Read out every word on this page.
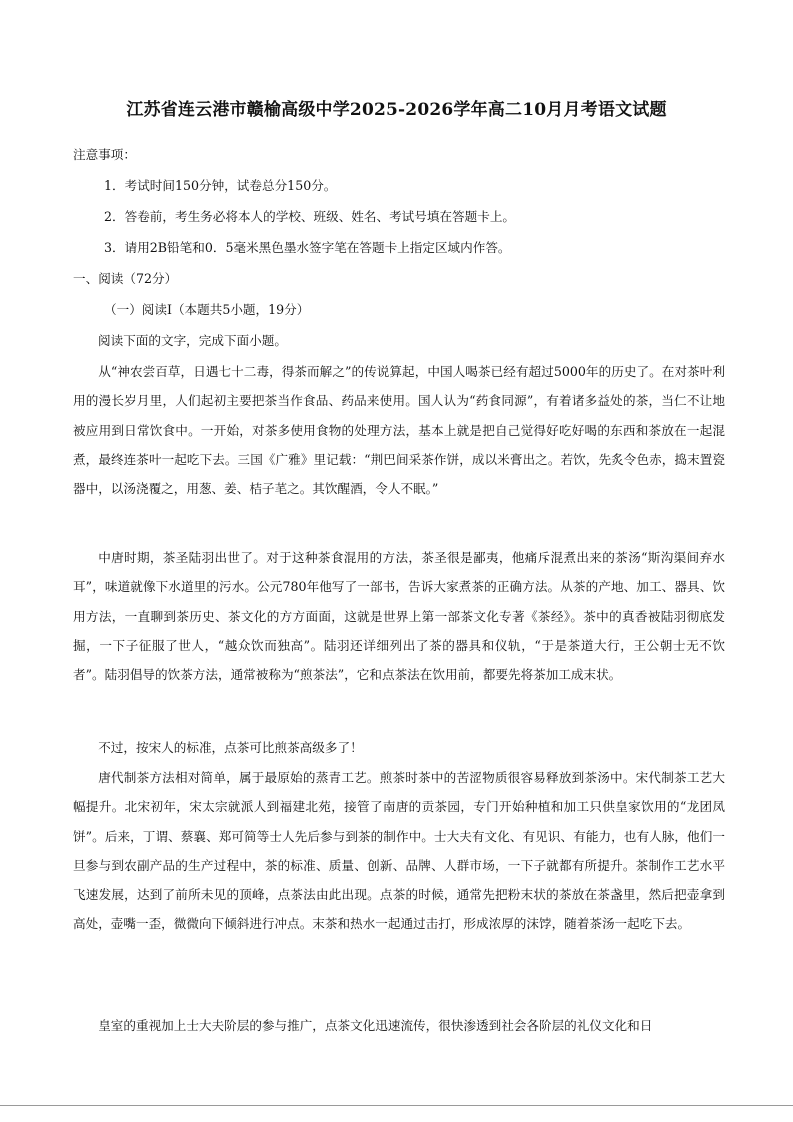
江苏省连云港市赣榆高级中学2025-2026学年高二10月月考语文试题
注意事项：
1．考试时间150分钟，试卷总分150分。
2．答卷前，考生务必将本人的学校、班级、姓名、考试号填在答题卡上。
3．请用2B铅笔和0．5毫米黑色墨水签字笔在答题卡上指定区域内作答。
一、阅读（72分）
（一）阅读Ⅰ（本题共5小题，19分）
阅读下面的文字，完成下面小题。

从“神农尝百草，日遇七十二毒，得茶而解之”的传说算起，中国人喝茶已经有超过5000年的历史了。在对茶叶利用的漫长岁月里，人们起初主要把茶当作食品、药品来使用。国人认为“药食同源”，有着诸多益处的茶，当仁不让地被应用到日常饮食中。一开始，对茶多使用食物的处理方法，基本上就是把自己觉得好吃好喝的东西和茶放在一起混煮，最终连茶叶一起吃下去。三国《广雅》里记载：“荆巴间采茶作饼，成以米膏出之。若饮，先炙令色赤，捣末置瓷器中，以汤浇覆之，用葱、姜、桔子芼之。其饮醒酒，令人不眠。”

中唐时期，茶圣陆羽出世了。对于这种茶食混用的方法，茶圣很是鄙夷，他痛斥混煮出来的茶汤“斯沟渠间弃水耳”，味道就像下水道里的污水。公元780年他写了一部书，告诉大家煮茶的正确方法。从茶的产地、加工、器具、饮用方法，一直聊到茶历史、茶文化的方方面面，这就是世界上第一部茶文化专著《茶经》。茶中的真香被陆羽彻底发掘，一下子征服了世人，“越众饮而独高”。陆羽还详细列出了茶的器具和仪轨，“于是茶道大行，王公朝士无不饮者”。陆羽倡导的饮茶方法，通常被称为“煎茶法”，它和点茶法在饮用前，都要先将茶加工成末状。

不过，按宋人的标准，点茶可比煎茶高级多了！

唐代制茶方法相对简单，属于最原始的蒸青工艺。煎茶时茶中的苦涩物质很容易释放到茶汤中。宋代制茶工艺大幅提升。北宋初年，宋太宗就派人到福建北苑，接管了南唐的贡茶园，专门开始种植和加工只供皇家饮用的“龙团凤饼”。后来，丁谓、蔡襄、郑可简等士人先后参与到茶的制作中。士大夫有文化、有见识、有能力，也有人脉，他们一旦参与到农副产品的生产过程中，茶的标准、质量、创新、品牌、人群市场，一下子就都有所提升。茶制作工艺水平飞速发展，达到了前所未见的顶峰，点茶法由此出现。点茶的时候，通常先把粉末状的茶放在茶盏里，然后把壶拿到高处，壶嘴一歪，微微向下倾斜进行冲点。末茶和热水一起通过击打，形成浓厚的沫饽，随着茶汤一起吃下去。

皇室的重视加上士大夫阶层的参与推广，点茶文化迅速流传，很快渗透到社会各阶层的礼仪文化和日
